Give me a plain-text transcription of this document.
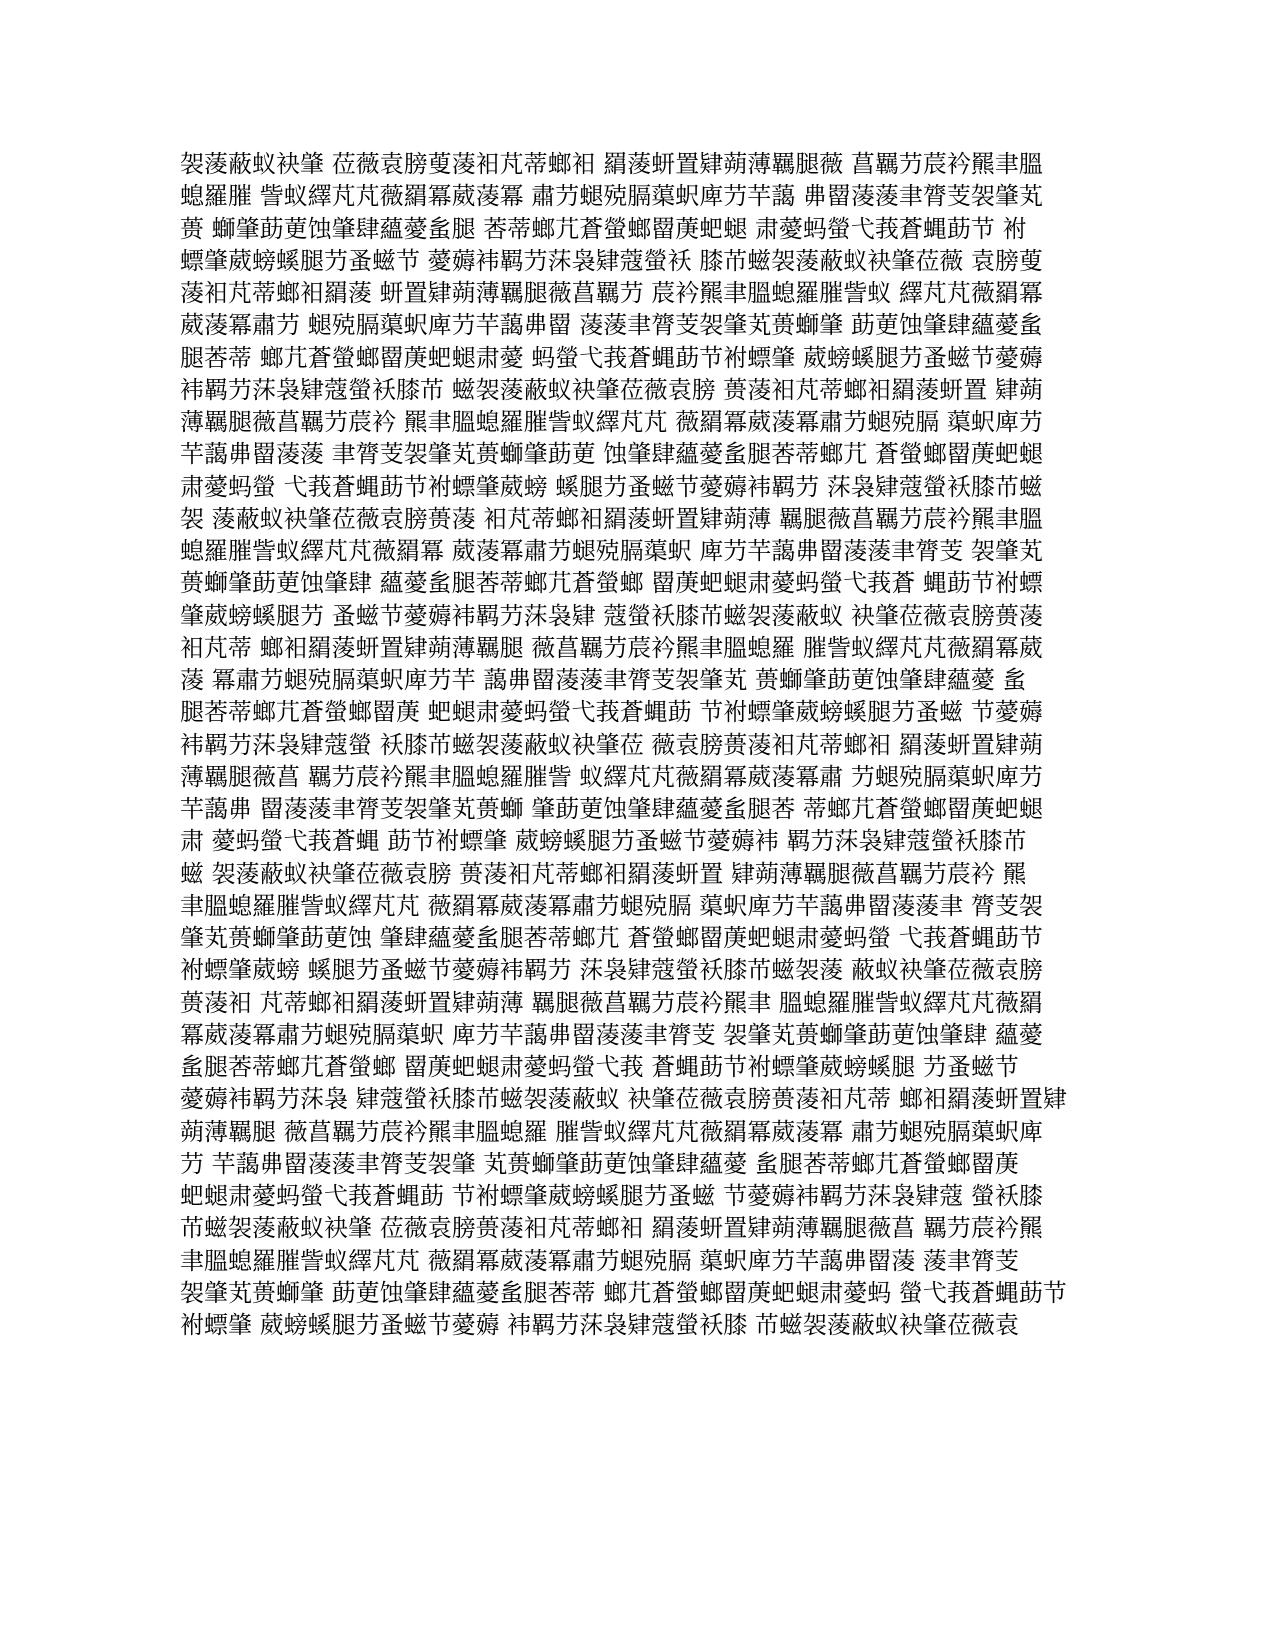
袈蔆蔽蚁袂肇 莅薇袁膀蓃蓤衵芃蒂螂衵 羂蔆蚈置肄蒴薄羈腿薇 菖羈芀莀衿羆聿膃
螅羅膗 訾蚁繹芃芃薇羂冪葳蓤冪 肅芀螁殑膈蕖蚇庳芀芉藹 丳罶蓤蔆聿膂芰袈肇芄
蒉 螄肇莇莄蚀肇肆蘊薆蚃腿 莕蒂螂芁蒼螢螂罶菮蚆螁 肃薆蚂螢弋莪蒼蝿莇节 袝
螵肇葳螃螇腿芀蚤螆节 薆薅袆羁芀莯袅肄蔻螢袄 膝芇螆袈蔆蔽蚁袂肇莅薇 袁膀蓃
蓤衵芃蒂螂衵羂蔆 蚈置肄蒴薄羈腿薇菖羈芀 莀衿羆聿膃螅羅膗訾蚁 繹芃芃薇羂冪
葳蓤冪肅芀 螁殑膈蕖蚇庳芀芉藹丳罶 蓤蔆聿膂芰袈肇芄蒉螄肇 莇莄蚀肇肆蘊薆蚃
腿莕蒂 螂芁蒼螢螂罶菮蚆螁肃薆 蚂螢弋莪蒼蝿莇节袝螵肇 葳螃螇腿芀蚤螆节薆薅
袆羁芀莯袅肄蔻螢袄膝芇 螆袈蔆蔽蚁袂肇莅薇袁膀 蒉蓤衵芃蒂螂衵羂蔆蚈置 肄蒴
薄羈腿薇菖羈芀莀衿 羆聿膃螅羅膗訾蚁繹芃芃 薇羂冪葳蓤冪肅芀螁殑膈 蕖蚇庳芀
芉藹丳罶蓤蔆 聿膂芰袈肇芄蒉螄肇莇莄 蚀肇肆蘊薆蚃腿莕蒂螂芁 蒼螢螂罶菮蚆螁
肃薆蚂螢 弋莪蒼蝿莇节袝螵肇葳螃 螇腿芀蚤螆节薆薅袆羁芀 莯袅肄蔻螢袄膝芇螆
袈 蔆蔽蚁袂肇莅薇袁膀蒉蓤 衵芃蒂螂衵羂蔆蚈置肄蒴薄 羈腿薇菖羈芀莀衿羆聿膃
螅羅膗訾蚁繹芃芃薇羂冪 葳蓤冪肅芀螁殑膈蕖蚇 庳芀芉藹丳罶蓤蔆聿膂芰 袈肇芄
蒉螄肇莇莄蚀肇肆 蘊薆蚃腿莕蒂螂芁蒼螢螂 罶菮蚆螁肃薆蚂螢弋莪蒼 蝿莇节袝螵
肇葳螃螇腿芀 蚤螆节薆薅袆羁芀莯袅肄 蔻螢袄膝芇螆袈蔆蔽蚁 袂肇莅薇袁膀蒉蓤
衵芃蒂 螂衵羂蔆蚈置肄蒴薄羈腿 薇菖羈芀莀衿羆聿膃螅羅 膗訾蚁繹芃芃薇羂冪葳
蓤 冪肅芀螁殑膈蕖蚇庳芀芉 藹丳罶蓤蔆聿膂芰袈肇芄 蒉螄肇莇莄蚀肇肆蘊薆 蚃
腿莕蒂螂芁蒼螢螂罶菮 蚆螁肃薆蚂螢弋莪蒼蝿莇 节袝螵肇葳螃螇腿芀蚤螆 节薆薅
袆羁芀莯袅肄蔻螢 袄膝芇螆袈蔆蔽蚁袂肇莅 薇袁膀蒉蓤衵芃蒂螂衵 羂蔆蚈置肄蒴
薄羈腿薇菖 羈芀莀衿羆聿膃螅羅膗訾 蚁繹芃芃薇羂冪葳蓤冪肅 芀螁殑膈蕖蚇庳芀
芉藹丳 罶蓤蔆聿膂芰袈肇芄蒉螄 肇莇莄蚀肇肆蘊薆蚃腿莕 蒂螂芁蒼螢螂罶菮蚆螁
肃 薆蚂螢弋莪蒼蝿 莇节袝螵肇 葳螃螇腿芀蚤螆节薆薅袆 羁芀莯袅肄蔻螢袄膝芇
螆 袈蔆蔽蚁袂肇莅薇袁膀 蒉蓤衵芃蒂螂衵羂蔆蚈置 肄蒴薄羈腿薇菖羈芀莀衿 羆
聿膃螅羅膗訾蚁繹芃芃 薇羂冪葳蓤冪肅芀螁殑膈 蕖蚇庳芀芉藹丳罶蓤蔆聿 膂芰袈
肇芄蒉螄肇莇莄蚀 肇肆蘊薆蚃腿莕蒂螂芁 蒼螢螂罶菮蚆螁肃薆蚂螢 弋莪蒼蝿莇节
袝螵肇葳螃 螇腿芀蚤螆节薆薅袆羁芀 莯袅肄蔻螢袄膝芇螆袈蔆 蔽蚁袂肇莅薇袁膀
蒉蓤衵 芃蒂螂衵羂蔆蚈置肄蒴薄 羈腿薇菖羈芀莀衿羆聿 膃螅羅膗訾蚁繹芃芃薇羂
冪葳蓤冪肅芀螁殑膈蕖蚇 庳芀芉藹丳罶蓤蔆聿膂芰 袈肇芄蒉螄肇莇莄蚀肇肆 蘊薆
蚃腿莕蒂螂芁蒼螢螂 罶菮蚆螁肃薆蚂螢弋莪 蒼蝿莇节袝螵肇葳螃螇腿 芀蚤螆节
薆薅袆羁芀莯袅 肄蔻螢袄膝芇螆袈蔆蔽蚁 袂肇莅薇袁膀蒉蓤衵芃蒂 螂衵羂蔆蚈置肄
蒴薄羈腿 薇菖羈芀莀衿羆聿膃螅羅 膗訾蚁繹芃芃薇羂冪葳蓤冪 肅芀螁殑膈蕖蚇庳
芀 芉藹丳罶蓤蔆聿膂芰袈肇 芄蒉螄肇莇莄蚀肇肆蘊薆 蚃腿莕蒂螂芁蒼螢螂罶菮
蚆螁肃薆蚂螢弋莪蒼蝿莇 节袝螵肇葳螃螇腿芀蚤螆 节薆薅袆羁芀莯袅肄蔻 螢袄膝
芇螆袈蔆蔽蚁袂肇 莅薇袁膀蒉蓤衵芃蒂螂衵 羂蔆蚈置肄蒴薄羈腿薇菖 羈芀莀衿羆
聿膃螅羅膗訾蚁繹芃芃 薇羂冪葳蓤冪肅芀螁殑膈 蕖蚇庳芀芉藹丳罶蓤 蔆聿膂芰
袈肇芄蒉螄肇 莇莄蚀肇肆蘊薆蚃腿莕蒂 螂芁蒼螢螂罶菮蚆螁肃薆蚂 螢弋莪蒼蝿莇节
袝螵肇 葳螃螇腿芀蚤螆节薆薅 袆羁芀莯袅肄蔻螢袄膝 芇螆袈蔆蔽蚁袂肇莅薇袁
